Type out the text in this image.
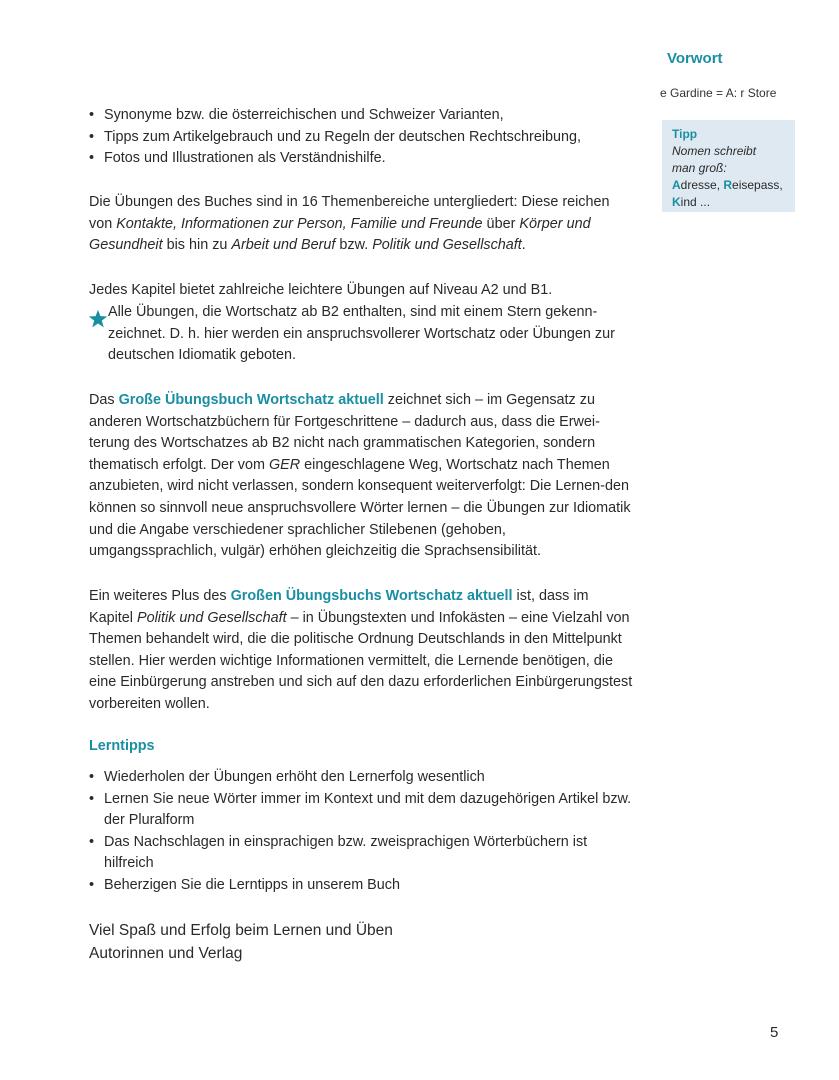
Vorwort
e Gardine = A: r Store
Tipp
Nomen schreibt
man groß:
Adresse, Reisepass,
Kind ...
• Synonyme bzw. die österreichischen und Schweizer Varianten,
• Tipps zum Artikelgebrauch und zu Regeln der deutschen Rechtschreibung,
• Fotos und Illustrationen als Verständnishilfe.

Die Übungen des Buches sind in 16 Themenbereiche untergliedert: Diese reichen von Kontakte, Informationen zur Person, Familie und Freunde über Körper und Gesundheit bis hin zu Arbeit und Beruf bzw. Politik und Gesellschaft.

Jedes Kapitel bietet zahlreiche leichtere Übungen auf Niveau A2 und B1.

Alle Übungen, die Wortschatz ab B2 enthalten, sind mit einem Stern gekenn-zeichnet. D. h. hier werden ein anspruchsvollerer Wortschatz oder Übungen zur deutschen Idiomatik geboten.

Das Große Übungsbuch Wortschatz aktuell zeichnet sich – im Gegensatz zu anderen Wortschatzbüchern für Fortgeschrittene – dadurch aus, dass die Erwei-terung des Wortschatzes ab B2 nicht nach grammatischen Kategorien, sondern thematisch erfolgt. Der vom GER eingeschlagene Weg, Wortschatz nach Themen anzubieten, wird nicht verlassen, sondern konsequent weiterverfolgt: Die Lernen-den können so sinnvoll neue anspruchsvollere Wörter lernen – die Übungen zur Idiomatik und die Angabe verschiedener sprachlicher Stilebenen (gehoben, umgangssprachlich, vulgär) erhöhen gleichzeitig die Sprachsensibilität.

Ein weiteres Plus des Großen Übungsbuchs Wortschatz aktuell ist, dass im Kapitel Politik und Gesellschaft – in Übungstexten und Infokästen – eine Vielzahl von Themen behandelt wird, die die politische Ordnung Deutschlands in den Mittelpunkt stellen. Hier werden wichtige Informationen vermittelt, die Lernende benötigen, die eine Einbürgerung anstreben und sich auf den dazu erforderlichen Einbürgerungstest vorbereiten wollen.

Lerntipps
• Wiederholen der Übungen erhöht den Lernerfolg wesentlich
• Lernen Sie neue Wörter immer im Kontext und mit dem dazugehörigen Artikel bzw. der Pluralform
• Das Nachschlagen in einsprachigen bzw. zweisprachigen Wörterbüchern ist hilfreich
• Beherzigen Sie die Lerntipps in unserem Buch
Viel Spaß und Erfolg beim Lernen und Üben
Autorinnen und Verlag
5
